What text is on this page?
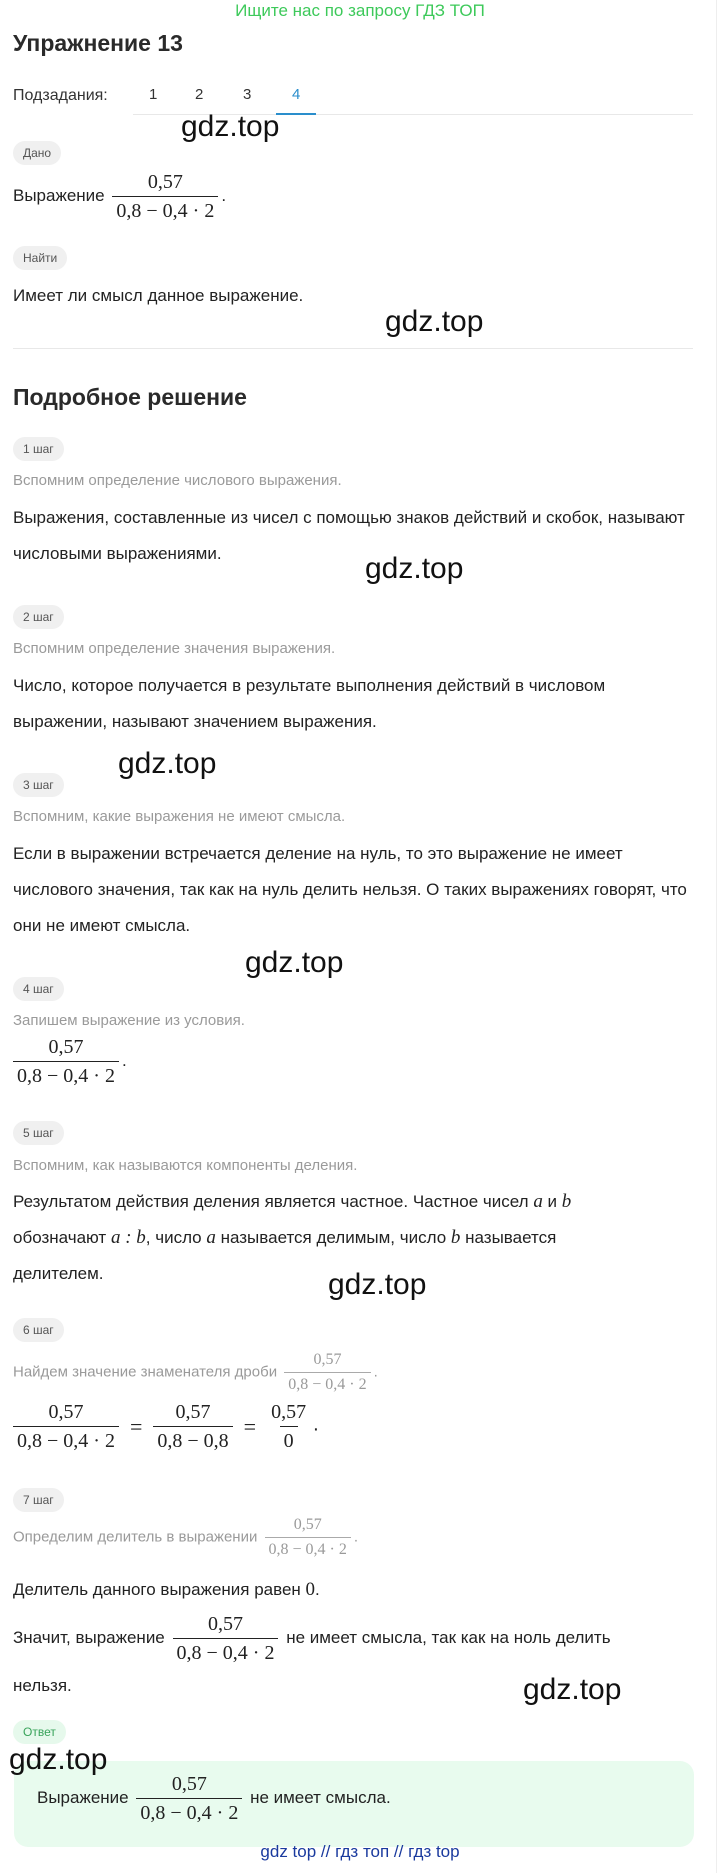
Ищите нас по запросу ГДЗ ТОП
Упражнение 13
Подзадания:	1	2	3	4
gdz.top
Дано
Выражение $\frac{0,57}{0,8 - 0,4 \cdot 2}$ .
Найти
Имеет ли смысл данное выражение.
gdz.top
Подробное решение
1 шаг
Вспомним определение числового выражения.
Выражения, составленные из чисел с помощью знаков действий и скобок, называют числовыми выражениями.	gdz.top
2 шаг
Вспомним определение значения выражения.
Число, которое получается в результате выполнения действий в числовом выражении, называют значением выражения.
gdz.top
3 шаг
Вспомним, какие выражения не имеют смысла.
Если в выражении встречается деление на нуль, то это выражение не имеет числового значения, так как на нуль делить нельзя. О таких выражениях говорят, что они не имеют смысла.
gdz.top
4 шаг
Запишем выражение из условия.
$\frac{0,57}{0,8 - 0,4 \cdot 2}$ .
5 шаг
Вспомним, как называются компоненты деления.
Результатом действия деления является частное. Частное чисел a и b
обозначают a : b, число a называется делимым, число b называется
делителем.	gdz.top
6 шаг
Найдем значение знаменателя дроби $\frac{0,57}{0,8 - 0,4 \cdot 2}$ .
$\frac{0,57}{0,8 - 0,4 \cdot 2} = \frac{0,57}{0,8 - 0,8} = \frac{0,57}{0}$ .
7 шаг
Определим делитель в выражении $\frac{0,57}{0,8 - 0,4 \cdot 2}$ .
Делитель данного выражения равен 0.
Значит, выражение $\frac{0,57}{0,8 - 0,4 \cdot 2}$ не имеет смысла, так как на ноль делить
нельзя.	gdz.top
Ответ
gdz.top
Выражение $\frac{0,57}{0,8 - 0,4 \cdot 2}$ не имеет смысла.
gdz top // гдз топ // гдз top
